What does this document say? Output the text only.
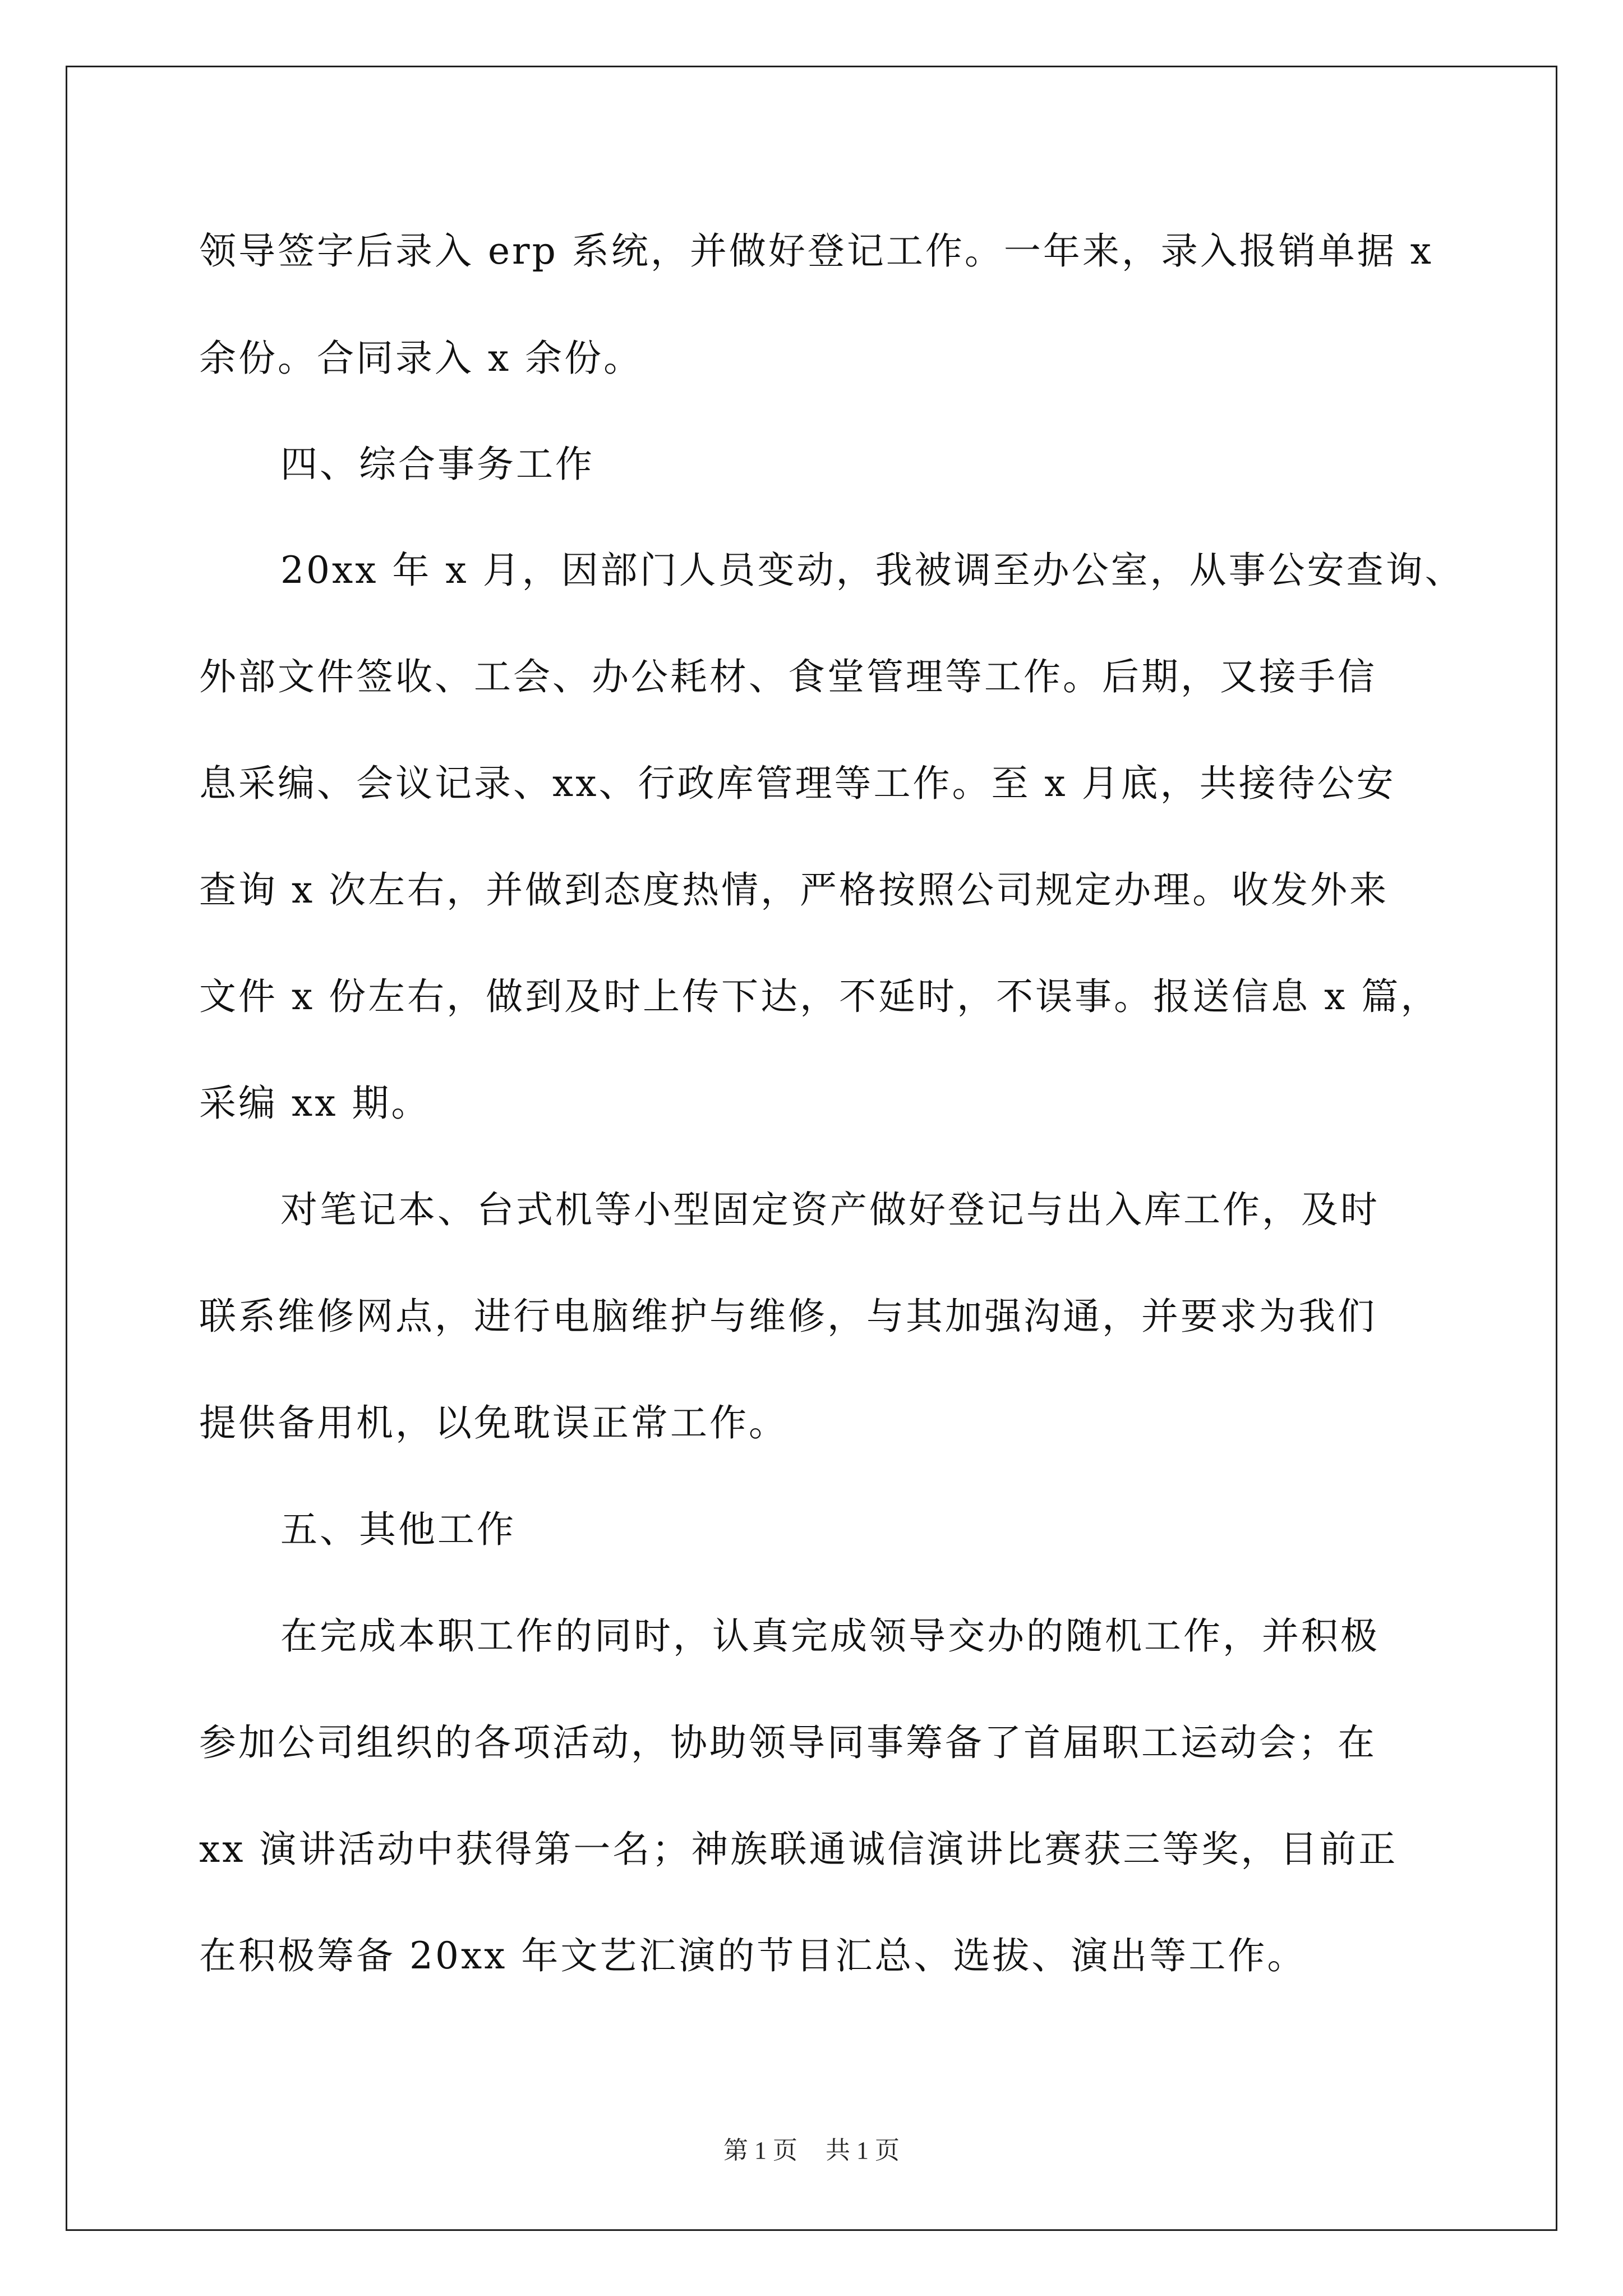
领导签字后录入 erp 系统，并做好登记工作。一年来，录入报销单据 x
余份。合同录入 x 余份。
四、综合事务工作
20xx 年 x 月，因部门人员变动，我被调至办公室，从事公安查询、
外部文件签收、工会、办公耗材、食堂管理等工作。后期，又接手信
息采编、会议记录、xx、行政库管理等工作。至 x 月底，共接待公安
查询 x 次左右，并做到态度热情，严格按照公司规定办理。收发外来
文件 x 份左右，做到及时上传下达，不延时，不误事。报送信息 x 篇，
采编 xx 期。
对笔记本、台式机等小型固定资产做好登记与出入库工作，及时
联系维修网点，进行电脑维护与维修，与其加强沟通，并要求为我们
提供备用机，以免耽误正常工作。
五、其他工作
在完成本职工作的同时，认真完成领导交办的随机工作，并积极
参加公司组织的各项活动，协助领导同事筹备了首届职工运动会；在
xx 演讲活动中获得第一名；神族联通诚信演讲比赛获三等奖，目前正
在积极筹备 20xx 年文艺汇演的节目汇总、选拔、演出等工作。
第 1 页 共 1 页
